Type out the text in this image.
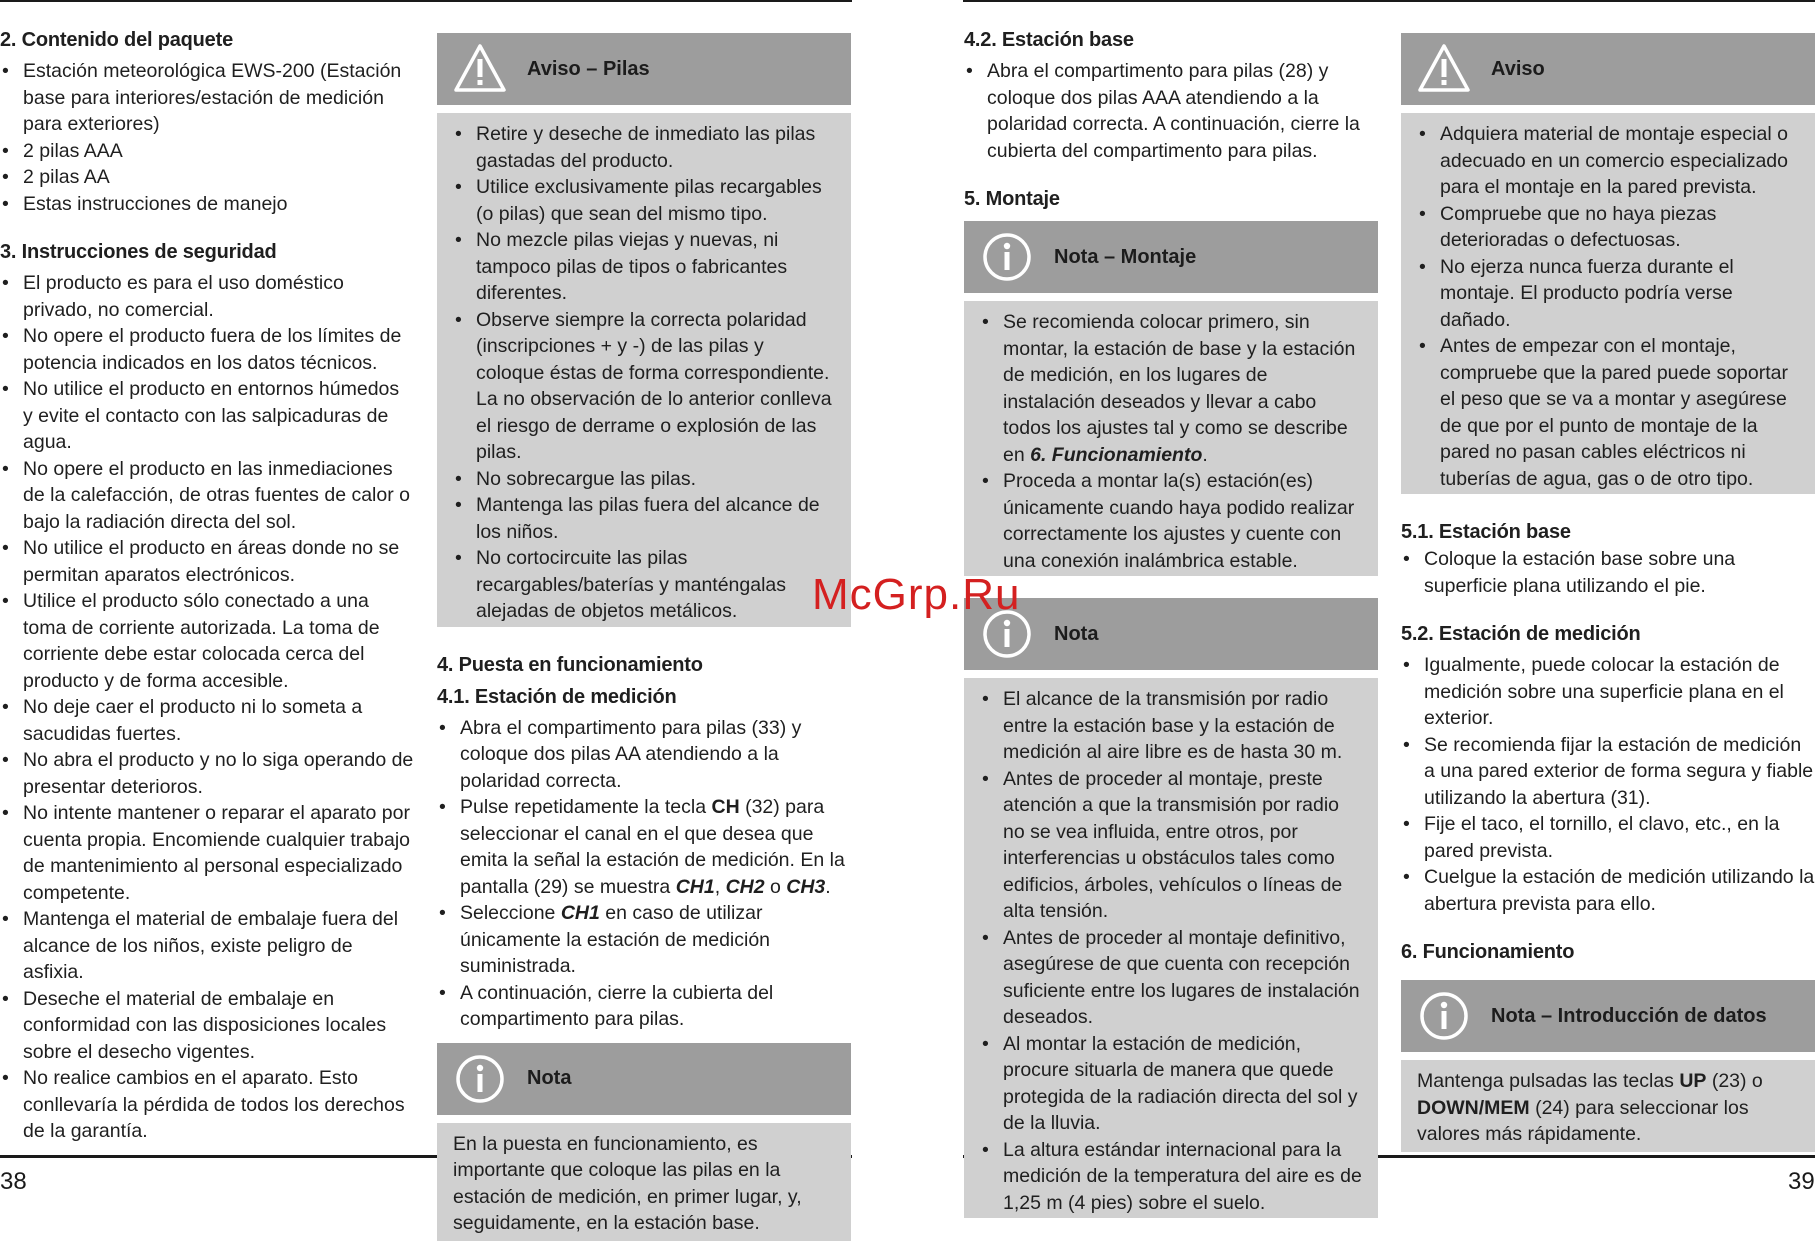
38	39
2. Contenido del paquete
• Estación meteorológica EWS-200 (Estación base para interiores/estación de medición para exteriores)
• 2 pilas AAA
• 2 pilas AA
• Estas instrucciones de manejo
3. Instrucciones de seguridad
• El producto es para el uso doméstico privado, no comercial.
• No opere el producto fuera de los límites de potencia indicados en los datos técnicos.
• No utilice el producto en entornos húmedos y evite el contacto con las salpicaduras de agua.
• No opere el producto en las inmediaciones de la calefacción, de otras fuentes de calor o bajo la radiación directa del sol.
• No utilice el producto en áreas donde no se permitan aparatos electrónicos.
• Utilice el producto sólo conectado a una toma de corriente autorizada. La toma de corriente debe estar colocada cerca del producto y de forma accesible.
• No deje caer el producto ni lo someta a sacudidas fuertes.
• No abra el producto y no lo siga operando de presentar deterioros.
• No intente mantener o reparar el aparato por cuenta propia. Encomiende cualquier trabajo de mantenimiento al personal especializado competente.
• Mantenga el material de embalaje fuera del alcance de los niños, existe peligro de asfixia.
• Deseche el material de embalaje en conformidad con las disposiciones locales sobre el desecho vigentes.
• No realice cambios en el aparato. Esto conllevaría la pérdida de todos los derechos de la garantía.
Aviso – Pilas
• Retire y deseche de inmediato las pilas gastadas del producto.
• Utilice exclusivamente pilas recargables (o pilas) que sean del mismo tipo.
• No mezcle pilas viejas y nuevas, ni tampoco pilas de tipos o fabricantes diferentes.
• Observe siempre la correcta polaridad (inscripciones + y -) de las pilas y coloque éstas de forma correspondiente. La no observación de lo anterior conlleva el riesgo de derrame o explosión de las pilas.
• No sobrecargue las pilas.
• Mantenga las pilas fuera del alcance de los niños.
• No cortocircuite las pilas recargables/baterías y manténgalas alejadas de objetos metálicos.
4. Puesta en funcionamiento
4.1. Estación de medición
• Abra el compartimento para pilas (33) y coloque dos pilas AA atendiendo a la polaridad correcta.
• Pulse repetidamente la tecla CH (32) para seleccionar el canal en el que desea que emita la señal la estación de medición. En la pantalla (29) se muestra CH1, CH2 o CH3.
• Seleccione CH1 en caso de utilizar únicamente la estación de medición suministrada.
• A continuación, cierre la cubierta del compartimento para pilas.
Nota

En la puesta en funcionamiento, es importante que coloque las pilas en la estación de medición, en primer lugar, y, seguidamente, en la estación base.

4.2. Estación base
• Abra el compartimento para pilas (28) y coloque dos pilas AAA atendiendo a la polaridad correcta. A continuación, cierre la cubierta del compartimento para pilas.
5. Montaje
Nota – Montaje
• Se recomienda colocar primero, sin montar, la estación de base y la estación de medición, en los lugares de instalación deseados y llevar a cabo todos los ajustes tal y como se describe en 6. Funcionamiento.
• Proceda a montar la(s) estación(es) únicamente cuando haya podido realizar correctamente los ajustes y cuente con una conexión inalámbrica estable.
Nota
• El alcance de la transmisión por radio entre la estación base y la estación de medición al aire libre es de hasta 30 m.
• Antes de proceder al montaje, preste atención a que la transmisión por radio no se vea influida, entre otros, por interferencias u obstáculos tales como edificios, árboles, vehículos o líneas de alta tensión.
• Antes de proceder al montaje definitivo, asegúrese de que cuenta con recepción suficiente entre los lugares de instalación deseados.
• Al montar la estación de medición, procure situarla de manera que quede protegida de la radiación directa del sol y de la lluvia.
• La altura estándar internacional para la medición de la temperatura del aire es de 1,25 m (4 pies) sobre el suelo.
Aviso
• Adquiera material de montaje especial o adecuado en un comercio especializado para el montaje en la pared prevista.
• Compruebe que no haya piezas deterioradas o defectuosas.
• No ejerza nunca fuerza durante el montaje. El producto podría verse dañado.
• Antes de empezar con el montaje, compruebe que la pared puede soportar el peso que se va a montar y asegúrese de que por el punto de montaje de la pared no pasan cables eléctricos ni tuberías de agua, gas o de otro tipo.
5.1. Estación base
• Coloque la estación base sobre una superficie plana utilizando el pie.
5.2. Estación de medición
• Igualmente, puede colocar la estación de medición sobre una superficie plana en el exterior.
• Se recomienda fijar la estación de medición a una pared exterior de forma segura y fiable utilizando la abertura (31).
• Fije el taco, el tornillo, el clavo, etc., en la pared prevista.
• Cuelgue la estación de medición utilizando la abertura prevista para ello.
6. Funcionamiento
Nota – Introducción de datos

Mantenga pulsadas las teclas UP (23) o DOWN/MEM (24) para seleccionar los valores más rápidamente.

McGrp.Ru
